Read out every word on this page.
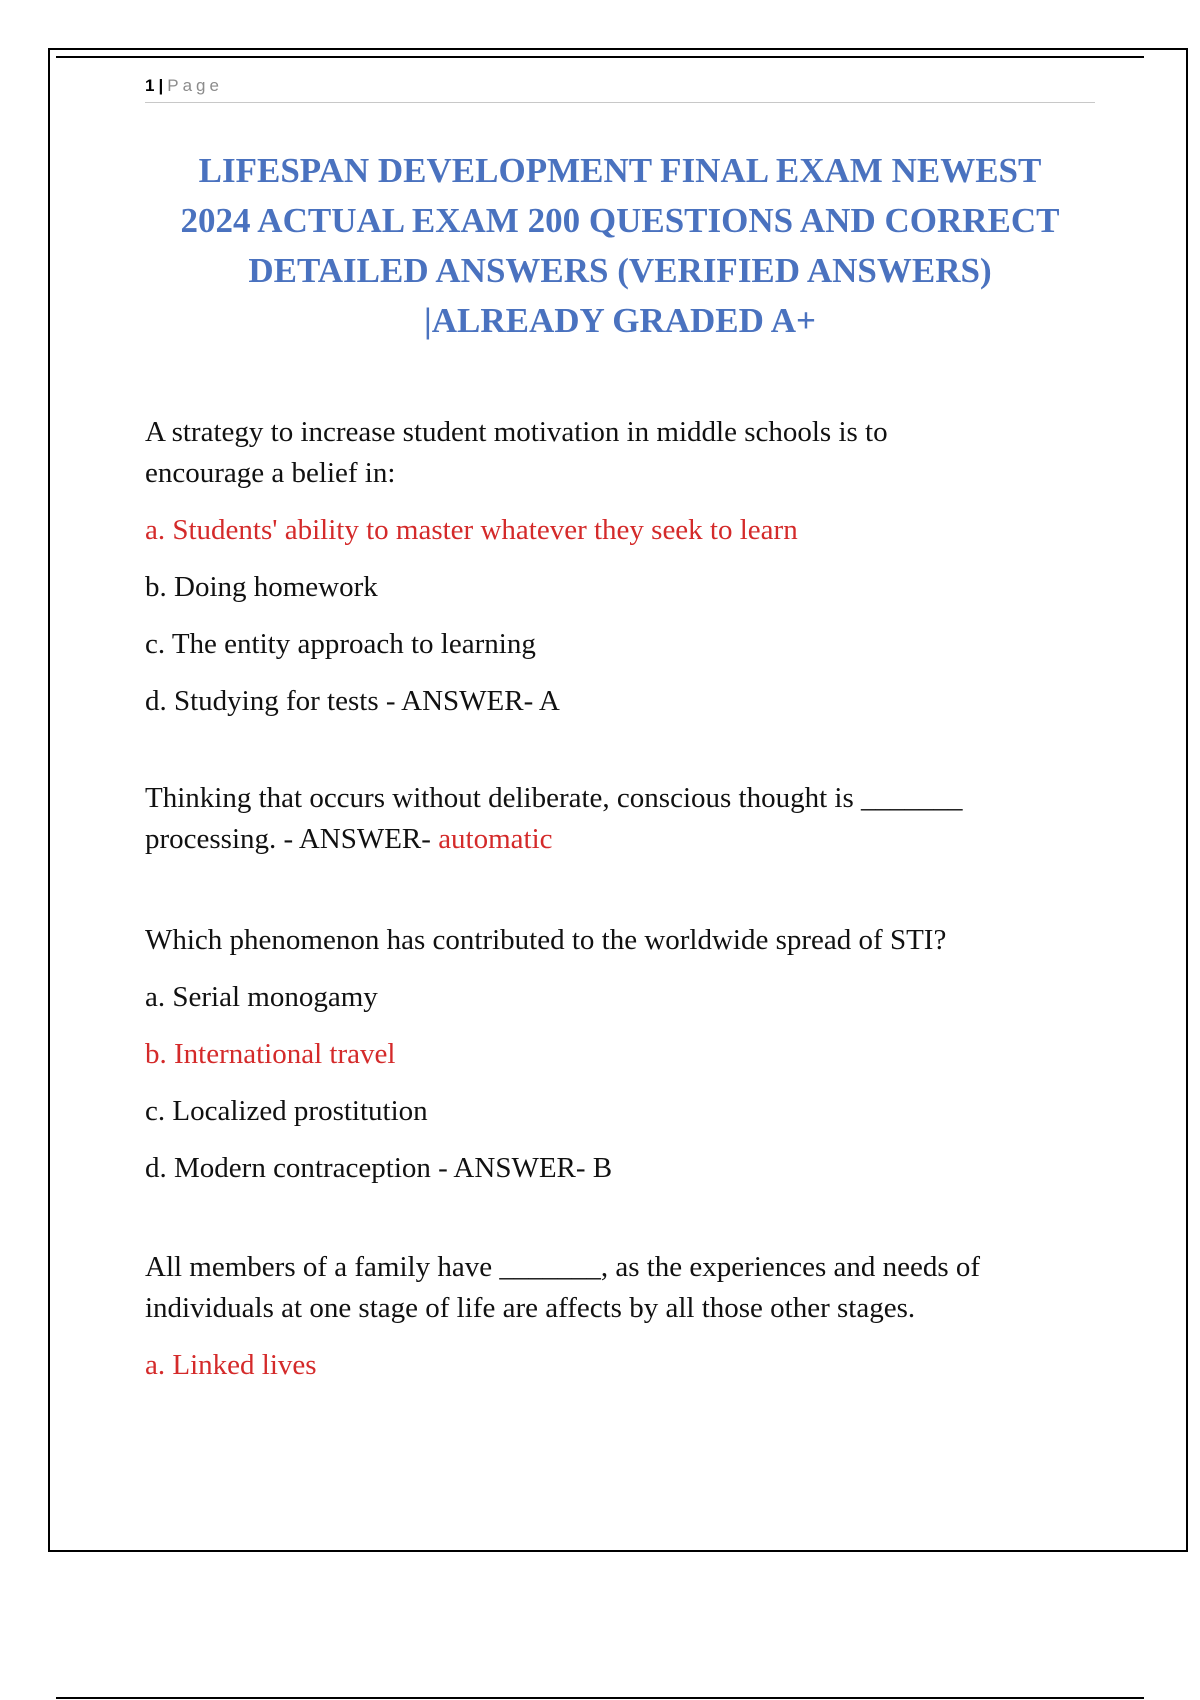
1 | Page
LIFESPAN DEVELOPMENT FINAL EXAM NEWEST
2024 ACTUAL EXAM 200 QUESTIONS AND CORRECT
DETAILED ANSWERS (VERIFIED ANSWERS)
|ALREADY GRADED A+
A strategy to increase student motivation in middle schools is to
encourage a belief in:
a. Students' ability to master whatever they seek to learn
b. Doing homework
c. The entity approach to learning
d. Studying for tests - ANSWER- A
Thinking that occurs without deliberate, conscious thought is _______
processing. - ANSWER- automatic
Which phenomenon has contributed to the worldwide spread of STI?
a. Serial monogamy
b. International travel
c. Localized prostitution
d. Modern contraception - ANSWER- B
All members of a family have _______, as the experiences and needs of
individuals at one stage of life are affects by all those other stages.
a. Linked lives
